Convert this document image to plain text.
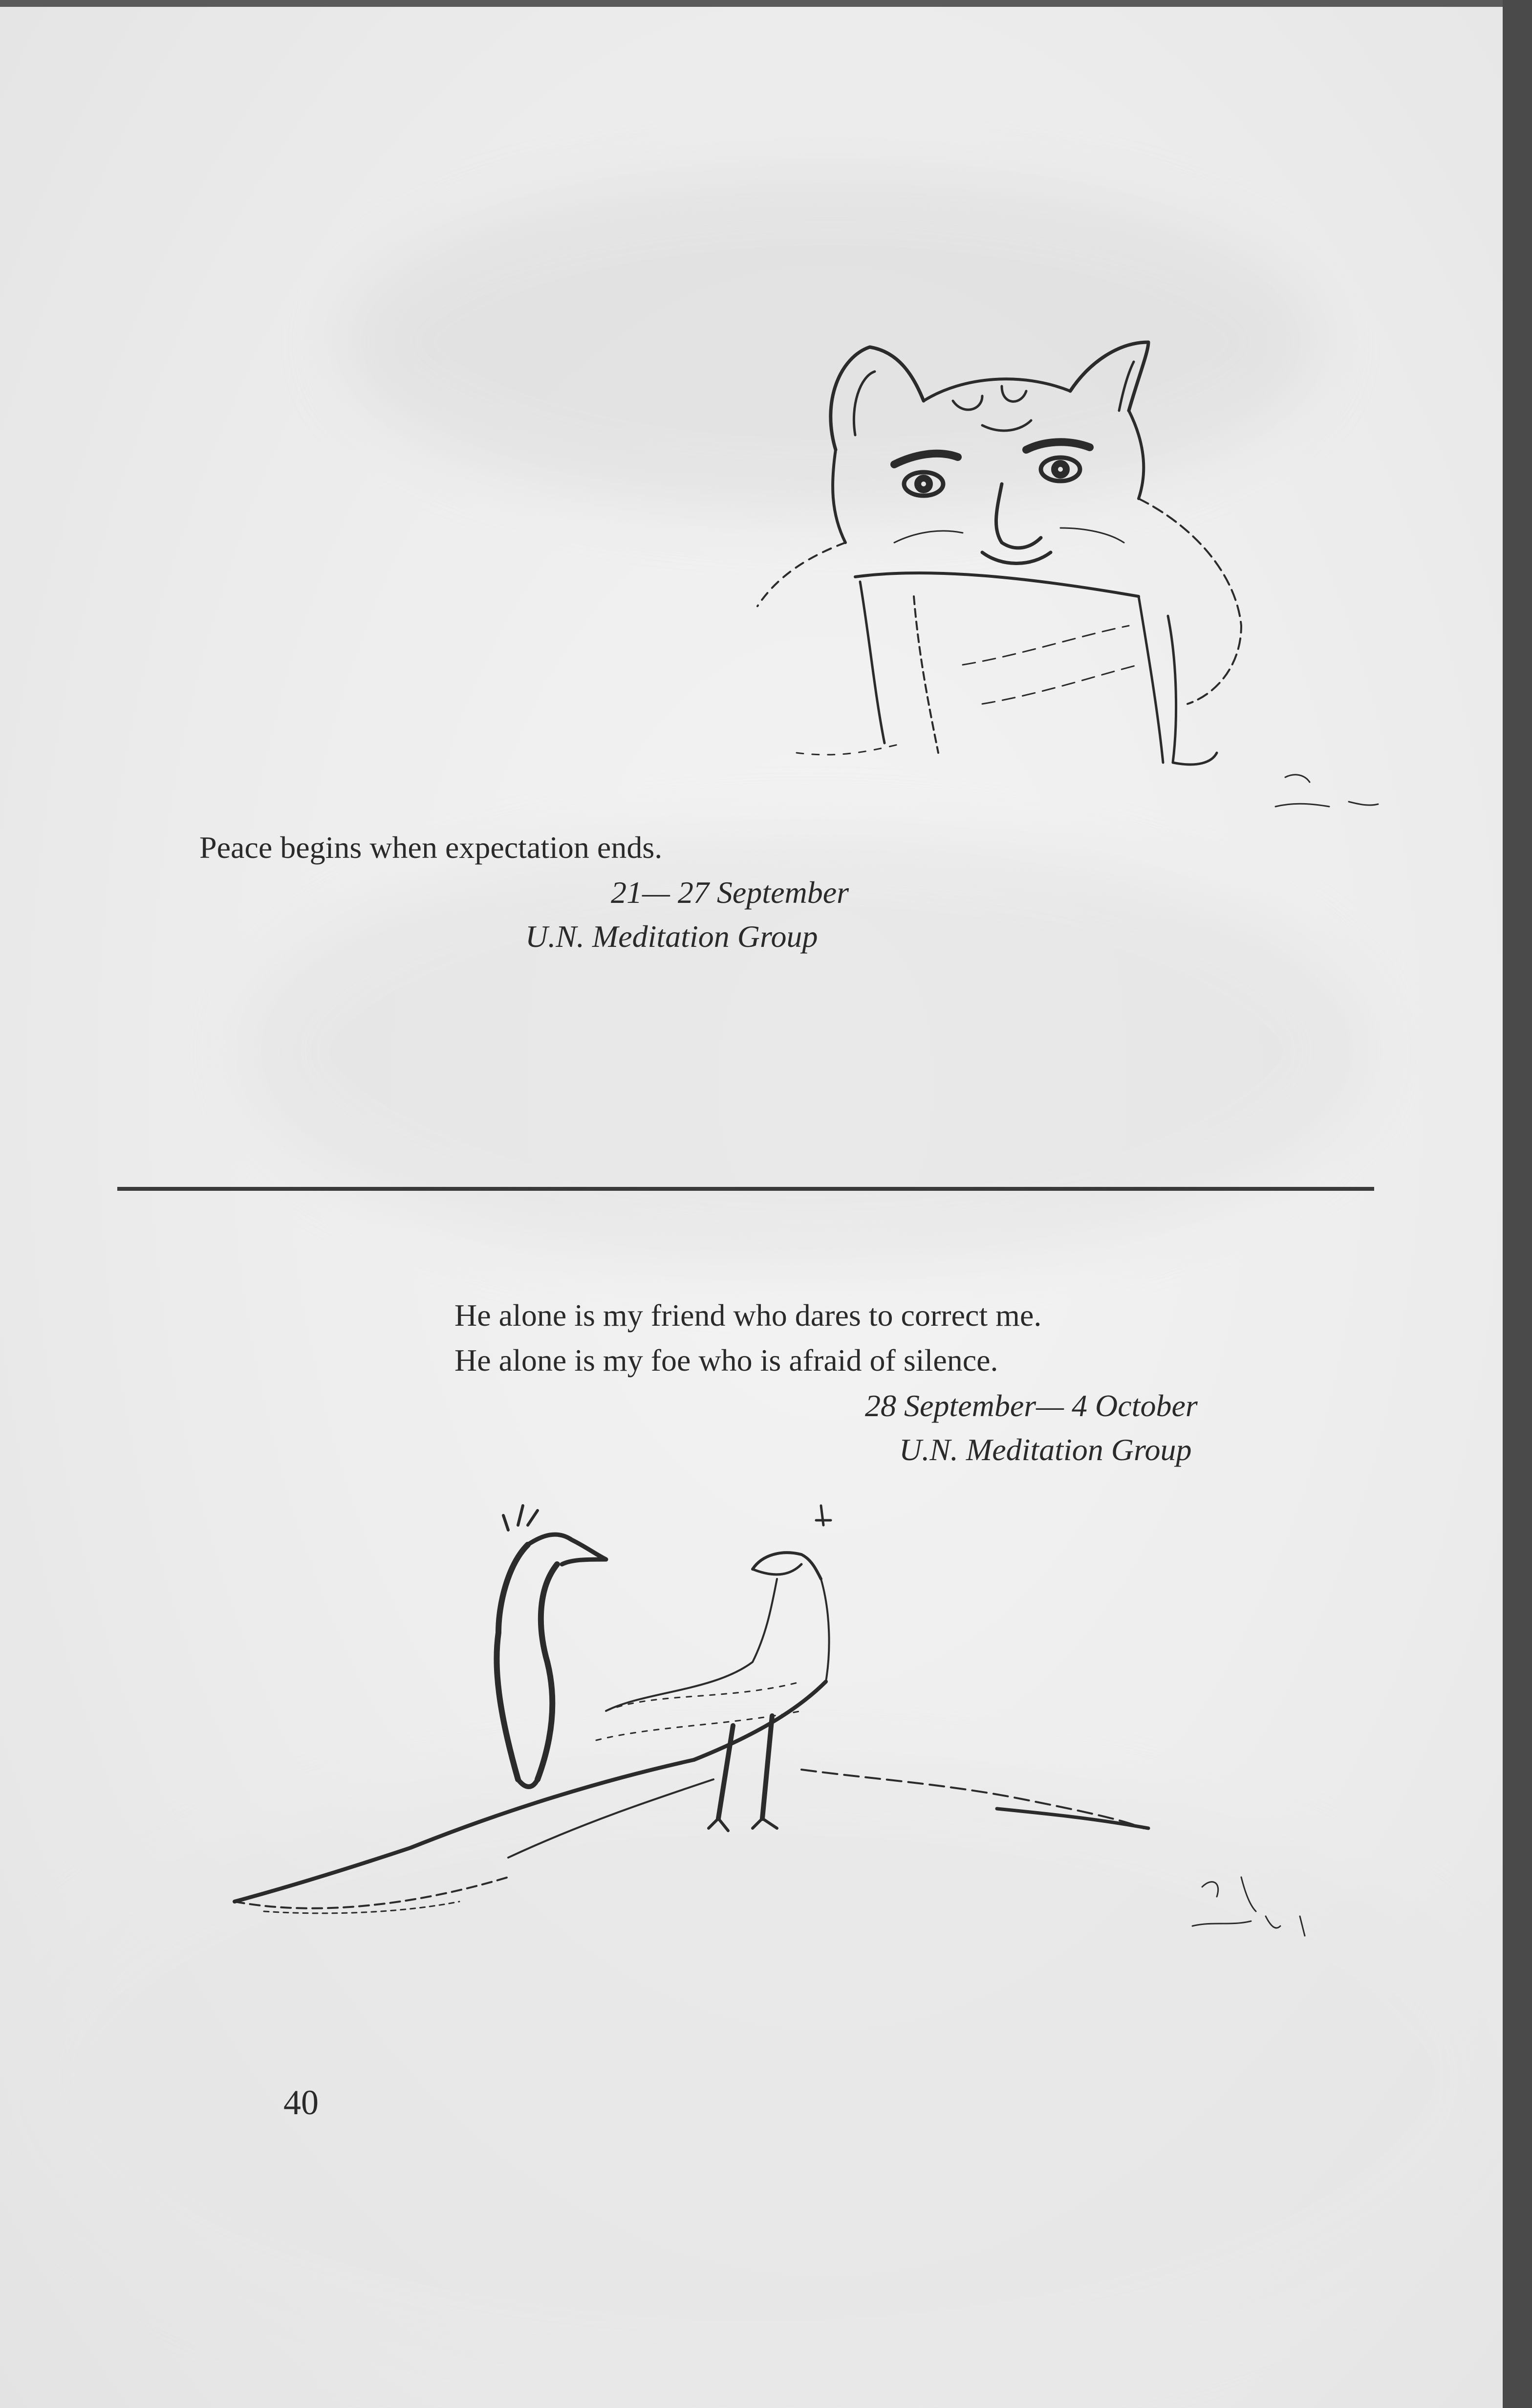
Peace begins when expectation ends.
21— 27 September
U.N. Meditation Group
He alone is my friend who dares to correct me.
He alone is my foe who is afraid of silence.
28 September— 4 October
U.N. Meditation Group
40
